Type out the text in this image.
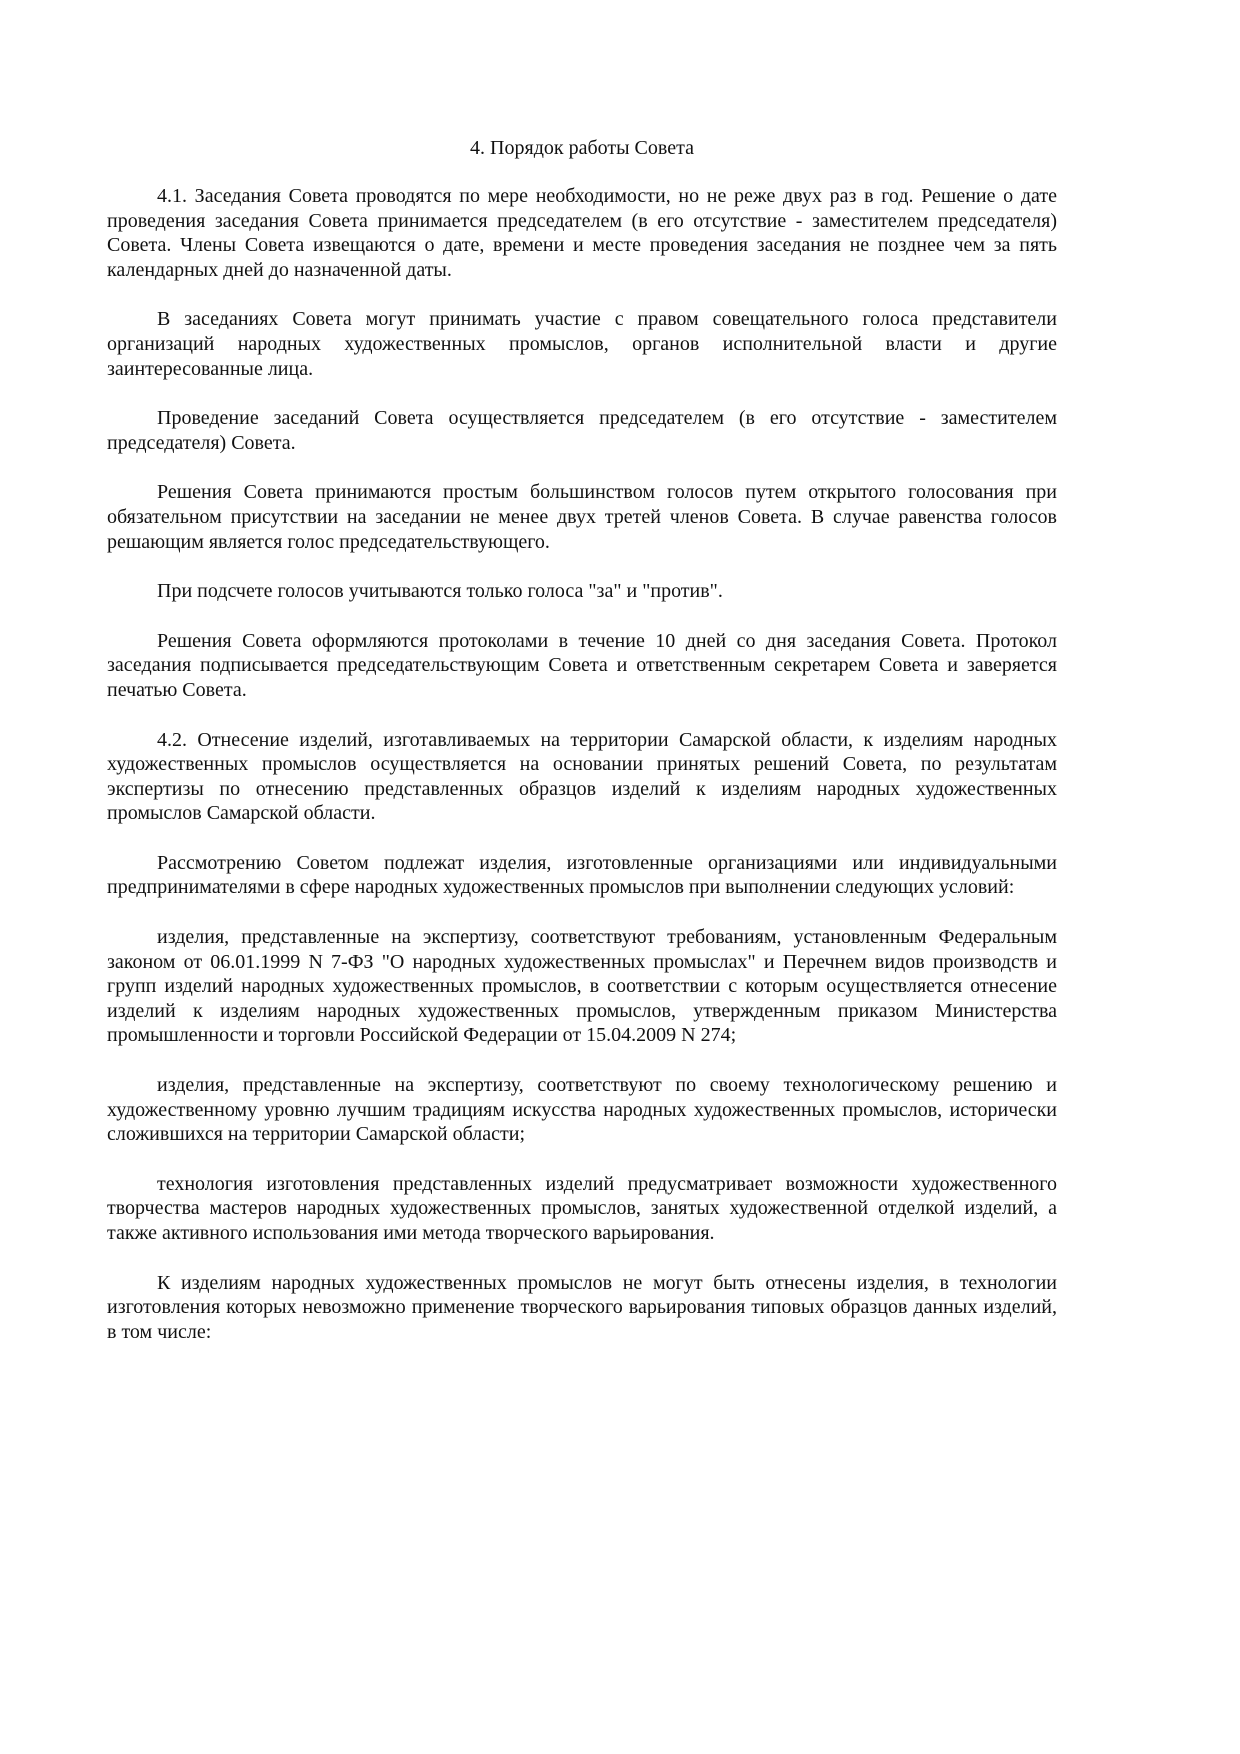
4. Порядок работы Совета

4.1. Заседания Совета проводятся по мере необходимости, но не реже двух раз в год. Решение о дате проведения заседания Совета принимается председателем (в его отсутствие - заместителем председателя) Совета. Члены Совета извещаются о дате, времени и месте проведения заседания не позднее чем за пять календарных дней до назначенной даты.

В заседаниях Совета могут принимать участие с правом совещательного голоса представители организаций народных художественных промыслов, органов исполнительной власти и другие заинтересованные лица.

Проведение заседаний Совета осуществляется председателем (в его отсутствие - заместителем председателя) Совета.

Решения Совета принимаются простым большинством голосов путем открытого голосования при обязательном присутствии на заседании не менее двух третей членов Совета. В случае равенства голосов решающим является голос председательствующего.

При подсчете голосов учитываются только голоса "за" и "против".

Решения Совета оформляются протоколами в течение 10 дней со дня заседания Совета. Протокол заседания подписывается председательствующим Совета и ответственным секретарем Совета и заверяется печатью Совета.

4.2. Отнесение изделий, изготавливаемых на территории Самарской области, к изделиям народных художественных промыслов осуществляется на основании принятых решений Совета, по результатам экспертизы по отнесению представленных образцов изделий к изделиям народных художественных промыслов Самарской области.

Рассмотрению Советом подлежат изделия, изготовленные организациями или индивидуальными предпринимателями в сфере народных художественных промыслов при выполнении следующих условий:

изделия, представленные на экспертизу, соответствуют требованиям, установленным Федеральным законом от 06.01.1999 N 7-ФЗ "О народных художественных промыслах" и Перечнем видов производств и групп изделий народных художественных промыслов, в соответствии с которым осуществляется отнесение изделий к изделиям народных художественных промыслов, утвержденным приказом Министерства промышленности и торговли Российской Федерации от 15.04.2009 N 274;

изделия, представленные на экспертизу, соответствуют по своему технологическому решению и художественному уровню лучшим традициям искусства народных художественных промыслов, исторически сложившихся на территории Самарской области;

технология изготовления представленных изделий предусматривает возможности художественного творчества мастеров народных художественных промыслов, занятых художественной отделкой изделий, а также активного использования ими метода творческого варьирования.

К изделиям народных художественных промыслов не могут быть отнесены изделия, в технологии изготовления которых невозможно применение творческого варьирования типовых образцов данных изделий, в том числе:
